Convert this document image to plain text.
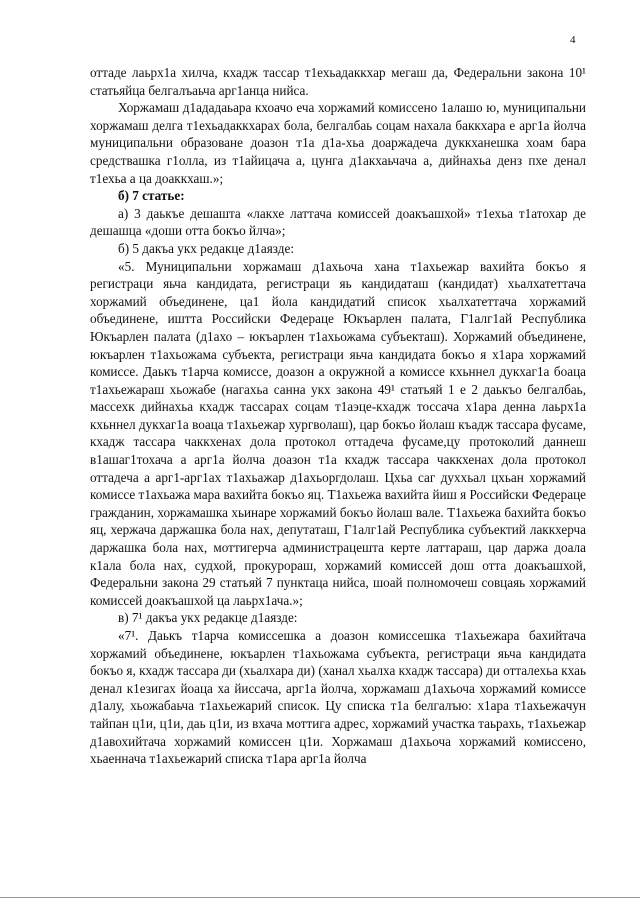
4

оттаде лаьрх1а хилча, кхадж тассар т1ехьадаккхар мегаш да, Федеральни закона 10¹ статьяйца белгалъаьча арг1анца нийса.

Хоржамаш д1ададаьара кхоачо еча хоржамий комиссено 1алашо ю, муниципальни хоржамаш делга т1ехьадаккхарах бола, белгалбаь соцам нахала баккхара е арг1а йолча муниципальни образоване доазон т1а д1а-хьа доаржадеча дуккханешка хоам бара средствашка г1олла, из т1айицача а, цунга д1акхаьчача а, дийнахьа денз пхе денал т1ехьа а ца доаккхаш.»;

б) 7 статье:

а) 3 даькъе дешашта «лакхе латтача комиссей доакъашхой» т1ехьа т1атохар де дешашца «доши отта бокъо йлча»;

б) 5 дакъа укх редакце д1аязде:

«5. Муниципальни хоржамаш д1ахьоча хана т1ахьежар вахийта бокъо я регистраци яьча кандидата, регистраци яь кандидаташ (кандидат) хьалхатеттача хоржамий объединене, ца1 йола кандидатий список хьалхатеттача хоржамий объединене, иштта Российски Федераце Юкъарлен палата, Г1алг1ай Республика Юкъарлен палата (д1ахо – юкъарлен т1ахьожама субъекташ). Хоржамий объединене, юкъарлен т1ахьожама субъекта, регистраци яьча кандидата бокъо я х1ара хоржамий комиссе. Даькъ т1арча комиссе, доазон а окружной а комиссе кхьннел дукхаг1а боаца т1ахьежараш хьожабе (нагахьа санна укх закона 49¹ статьяй 1 е 2 даькъо белгалбаь, массехк дийнахьа кхадж тассарах соцам т1аэце-кхадж тоссача х1ара денна лаьрх1а кхьннел дукхаг1а воаца т1ахьежар хургволаш), цар бокъо йолаш къадж тассара фусаме, кхадж тассара чаккхенах дола протокол оттадеча фусаме,цу протоколий даннеш в1ашаг1тохача а арг1а йолча доазон т1а кхадж тассара чаккхенах дола протокол оттадеча а арг1-арг1ах т1ахьажар д1ахьоргдолаш. Цхьа саг духхьал цхьан хоржамий комиссе т1ахьажа мара вахийта бокъо яц. Т1ахьежа вахийта йиш я Российски Федераце гражданин, хоржамашка хьинаре хоржамий бокъо йолаш вале. Т1ахьежа бахийта бокъо яц, хержача даржашка бола нах, депутаташ, Г1алг1ай Республика субъектий лаккхерча даржашка бола нах, моттигерча администрацешта керте латтараш, цар даржа доала к1ала бола нах, судхой, прокурораш, хоржамий комиссей дош отта доакъашхой, Федеральни закона 29 статьяй 7 пунктаца нийса, шоай полномочеш совцаяь хоржамий комиссей доакъашхой ца лаьрх1ача.»;

в) 7¹ дакъа укх редакце д1аязде:

«7¹. Даькъ т1арча комиссешка а доазон комиссешка т1ахьежара бахийтача хоржамий объединене, юкъарлен т1ахьожама субъекта, регистраци яьча кандидата бокъо я, кхадж тассара ди (хьалхара ди) (ханал хьалха кхадж тассара) ди отталехьа кхаь денал к1езигах йоаца ха йиссача, арг1а йолча, хоржамаш д1ахьоча хоржамий комиссе д1алу, хьожабаьча т1ахьежарий список. Цу списка т1а белгалъю: х1ара т1ахьежачун тайпан ц1и, ц1и, даь ц1и, из вхача моттига адрес, хоржамий участка таьрахь, т1ахьежар д1авохийтача хоржамий комиссен ц1и. Хоржамаш д1ахьоча хоржамий комиссено, хьаеннача т1ахьежарий списка т1ара арг1а йолча
